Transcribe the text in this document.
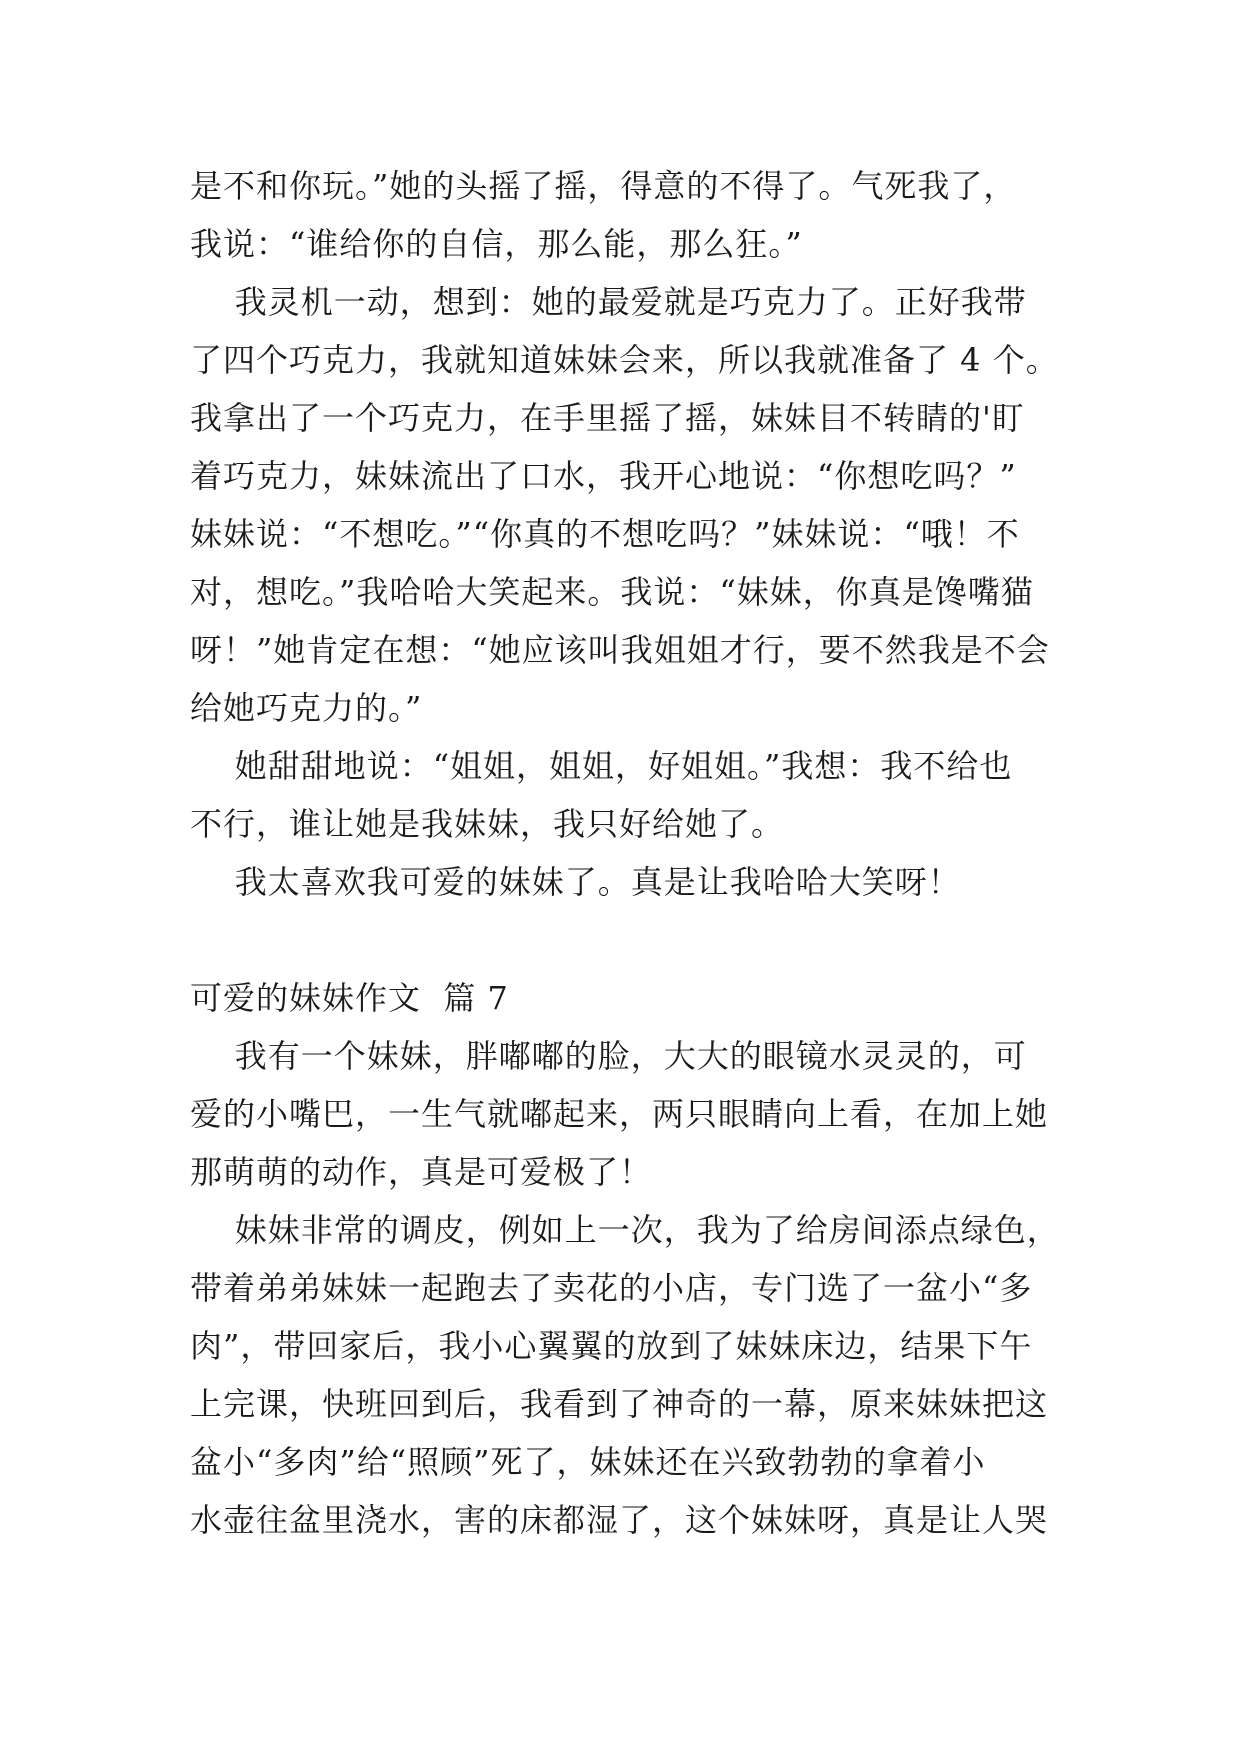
是不和你玩。”她的头摇了摇，得意的不得了。气死我了，
我说：“谁给你的自信，那么能，那么狂。”
我灵机一动，想到：她的最爱就是巧克力了。正好我带
了四个巧克力，我就知道妹妹会来，所以我就准备了 4 个。
我拿出了一个巧克力，在手里摇了摇，妹妹目不转睛的'盯
着巧克力，妹妹流出了口水，我开心地说：“你想吃吗？”
妹妹说：“不想吃。”“你真的不想吃吗？”妹妹说：“哦！不
对，想吃。”我哈哈大笑起来。我说：“妹妹，你真是馋嘴猫
呀！”她肯定在想：“她应该叫我姐姐才行，要不然我是不会
给她巧克力的。”
她甜甜地说：“姐姐，姐姐，好姐姐。”我想：我不给也
不行，谁让她是我妹妹，我只好给她了。
我太喜欢我可爱的妹妹了。真是让我哈哈大笑呀！
可爱的妹妹作文  篇 7
我有一个妹妹，胖嘟嘟的脸，大大的眼镜水灵灵的，可
爱的小嘴巴，一生气就嘟起来，两只眼睛向上看，在加上她
那萌萌的动作，真是可爱极了！
妹妹非常的调皮，例如上一次，我为了给房间添点绿色，
带着弟弟妹妹一起跑去了卖花的小店，专门选了一盆小“多
肉”，带回家后，我小心翼翼的放到了妹妹床边，结果下午
上完课，快班回到后，我看到了神奇的一幕，原来妹妹把这
盆小“多肉”给“照顾”死了，妹妹还在兴致勃勃的拿着小
水壶往盆里浇水，害的床都湿了，这个妹妹呀，真是让人哭
